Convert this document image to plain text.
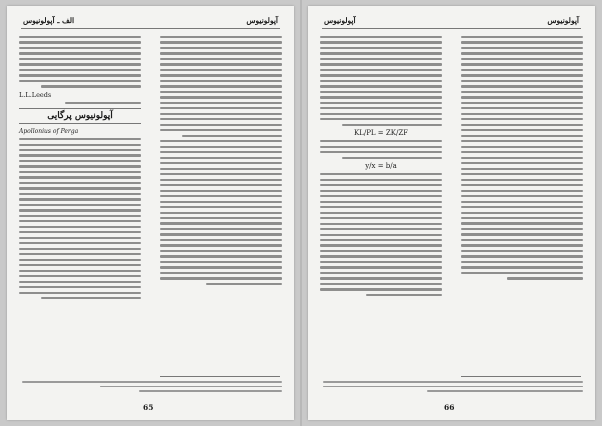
الف ـ آپولونیوس	آپولونیوس
L.L.Leeds
آپولونیوس پرگایی
Apollonius of Perga
65
آپولونیوس	آپولونیوس
KL/PL = ZK/ZF
y/x = b/a
66
